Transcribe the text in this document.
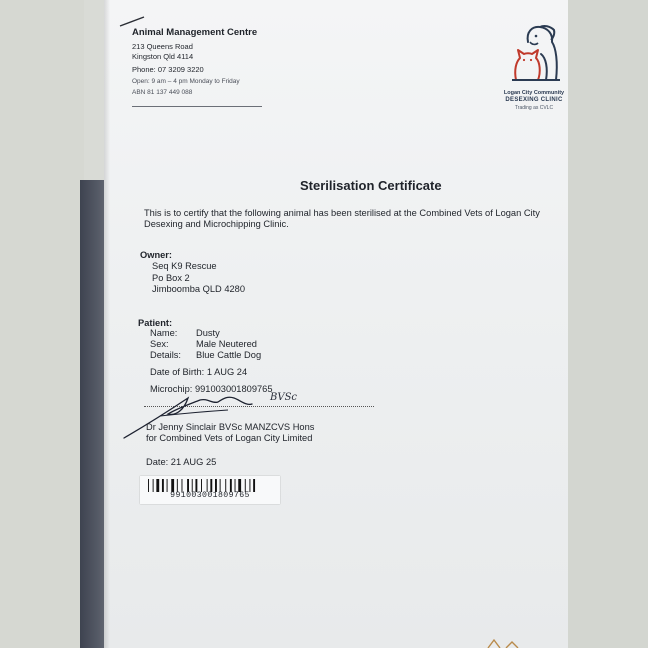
Animal Management Centre
213 Queens Road
Kingston Qld 4114
Phone: 07 3209 3220
Open: 9 am – 4 pm Monday to Friday
ABN 81 137 449 088	Logan City Community
DESEXING CLINIC
Trading as CVLC
Sterilisation Certificate
This is to certify that the following animal has been sterilised at the Combined Vets of Logan City
Desexing and Microchipping Clinic.
Owner:
Seq K9 Rescue
Po Box 2
Jimboomba QLD 4280
Patient:
Name: Dusty
Sex:	Male Neutered
Details: Blue Cattle Dog
Date of Birth: 1 AUG 24
Microchip: 991003001809765
BVSc
Dr Jenny Sinclair BVSc MANZCVS Hons
for Combined Vets of Logan City Limited
Date: 21 AUG 25
991003001809765
